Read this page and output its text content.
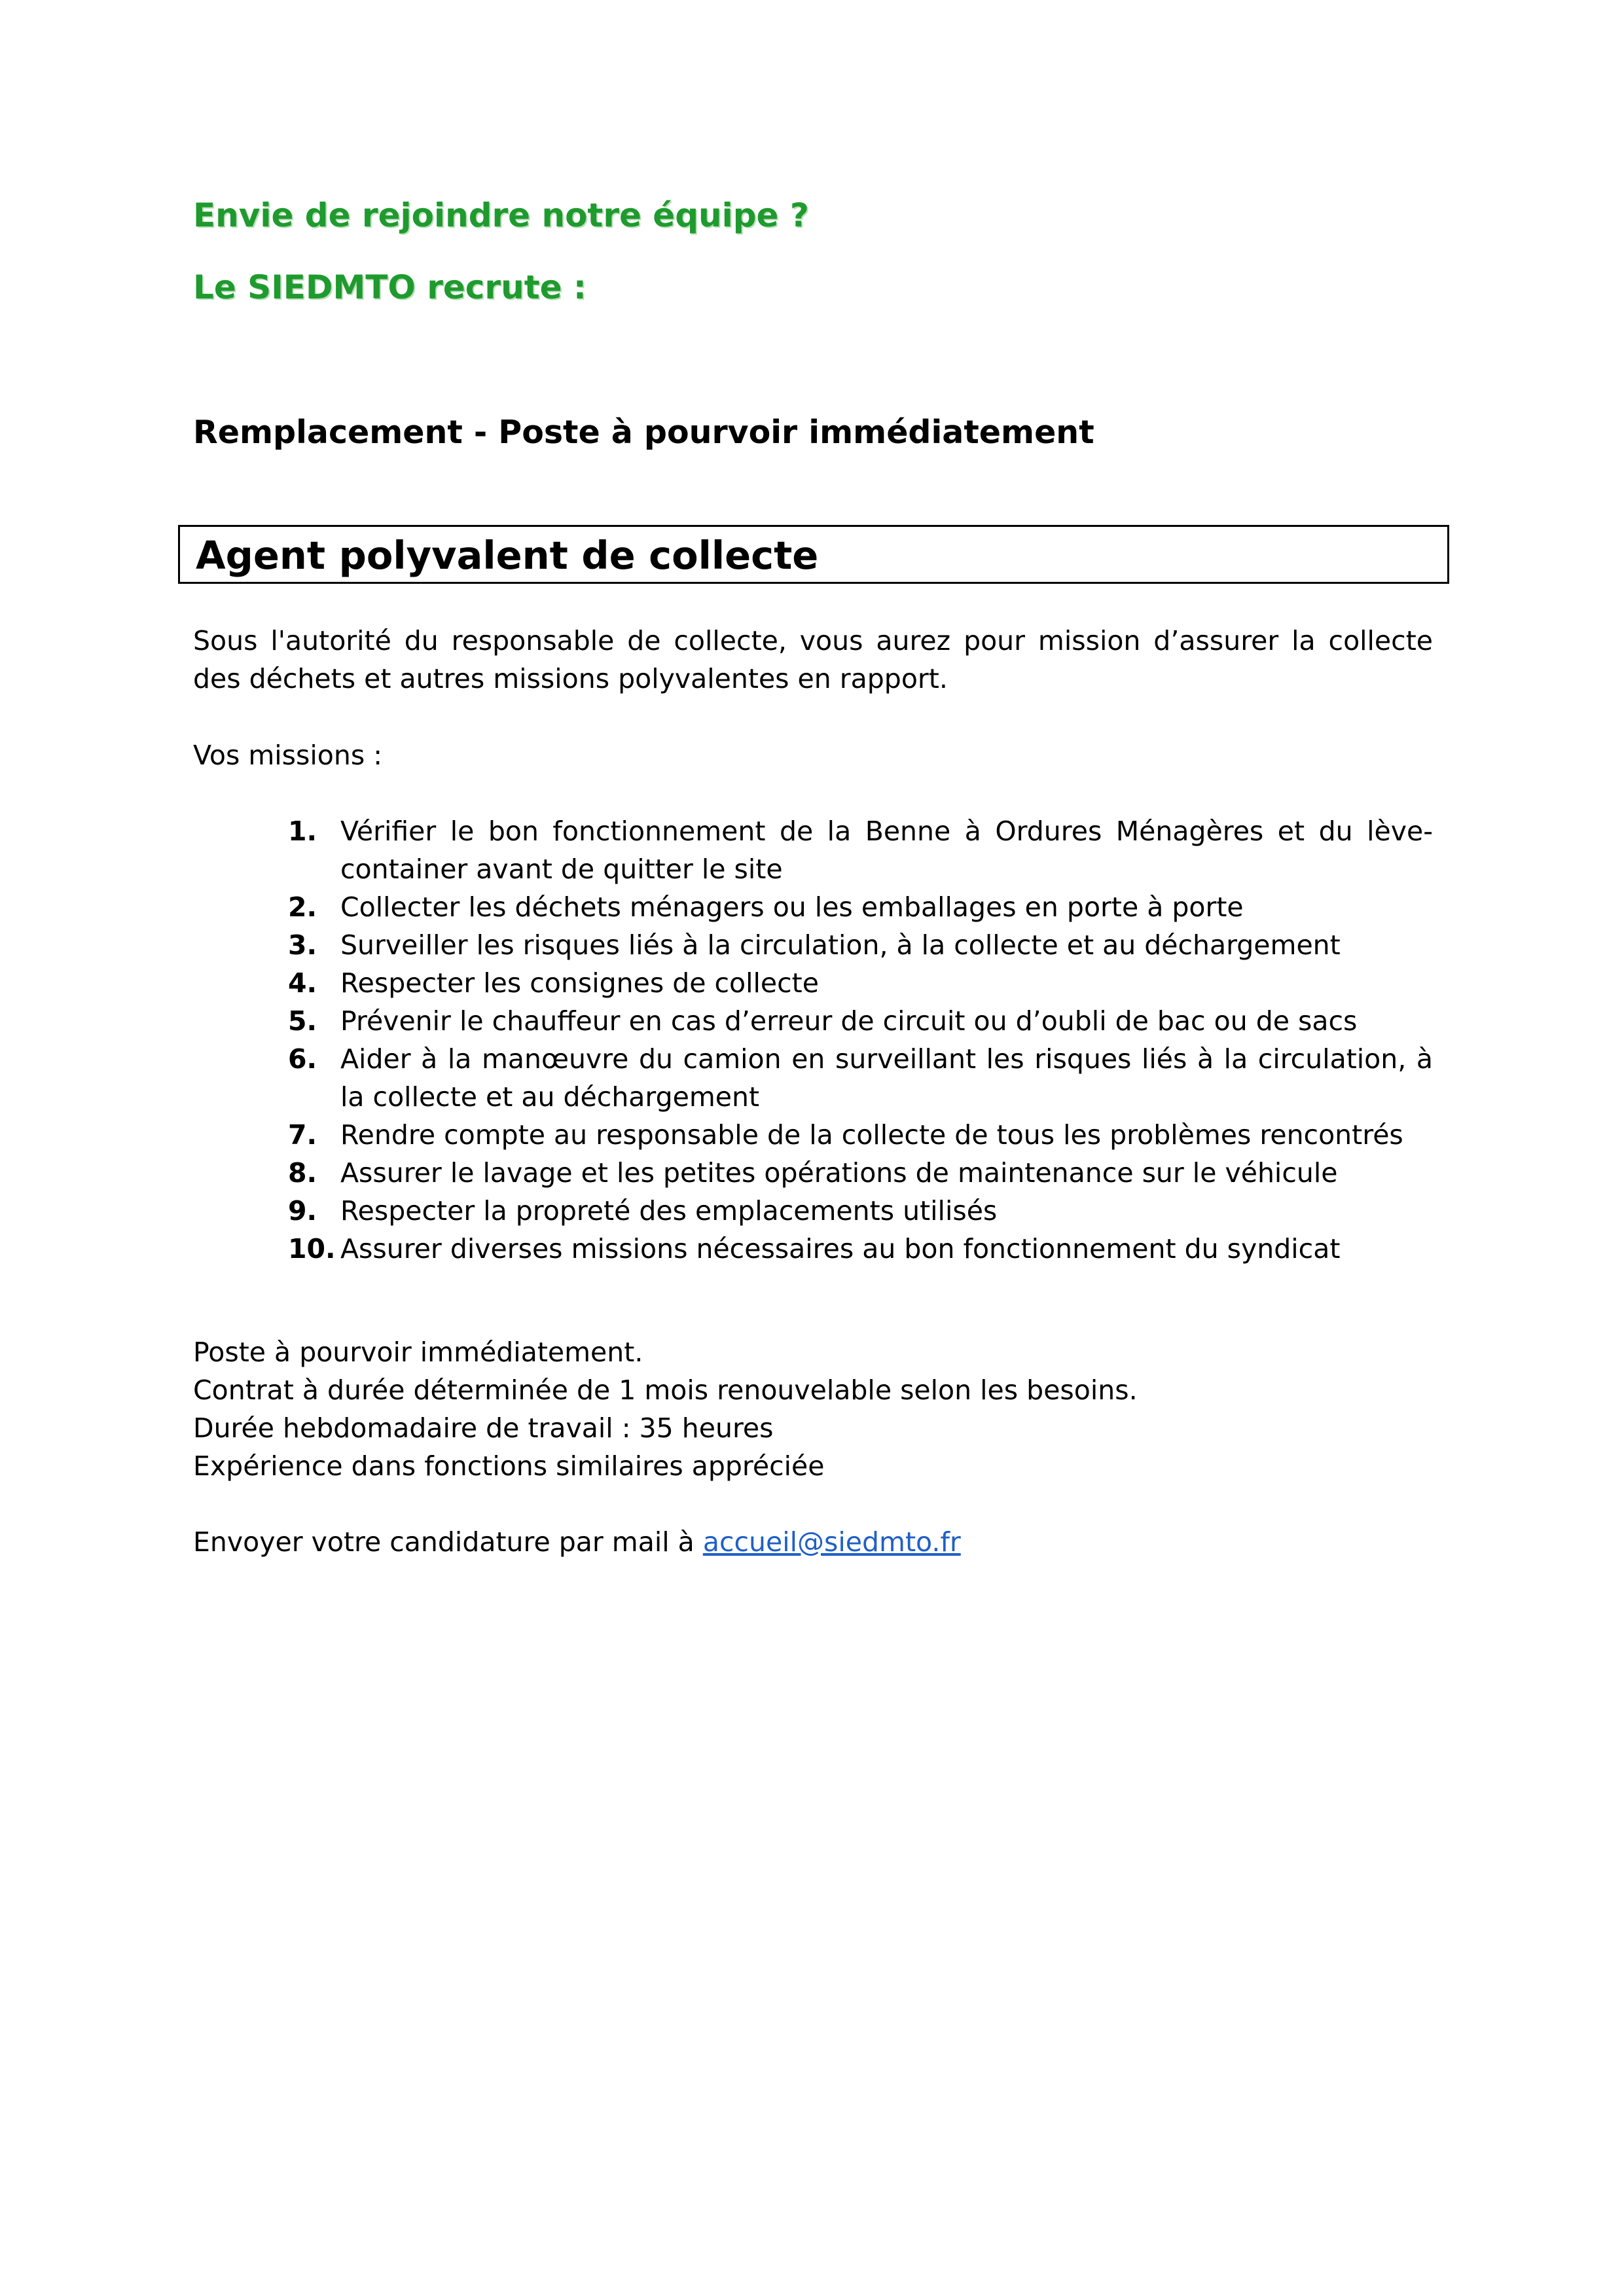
Envie de rejoindre notre équipe ?
Le SIEDMTO recrute :
Remplacement - Poste à pourvoir immédiatement
Agent polyvalent de collecte
Sous l'autorité du responsable de collecte, vous aurez pour mission d’assurer la collecte des déchets et autres missions polyvalentes en rapport.
Vos missions :
1. Vérifier le bon fonctionnement de la Benne à Ordures Ménagères et du lève-container avant de quitter le site
2. Collecter les déchets ménagers ou les emballages en porte à porte
3. Surveiller les risques liés à la circulation, à la collecte et au déchargement
4. Respecter les consignes de collecte
5. Prévenir le chauffeur en cas d’erreur de circuit ou d’oubli de bac ou de sacs
6. Aider à la manœuvre du camion en surveillant les risques liés à la circulation, à la collecte et au déchargement
7. Rendre compte au responsable de la collecte de tous les problèmes rencontrés
8. Assurer le lavage et les petites opérations de maintenance sur le véhicule
9. Respecter la propreté des emplacements utilisés
10. Assurer diverses missions nécessaires au bon fonctionnement du syndicat
Poste à pourvoir immédiatement.
Contrat à durée déterminée de 1 mois renouvelable selon les besoins.
Durée hebdomadaire de travail : 35 heures
Expérience dans fonctions similaires appréciée
Envoyer votre candidature par mail à accueil@siedmto.fr
